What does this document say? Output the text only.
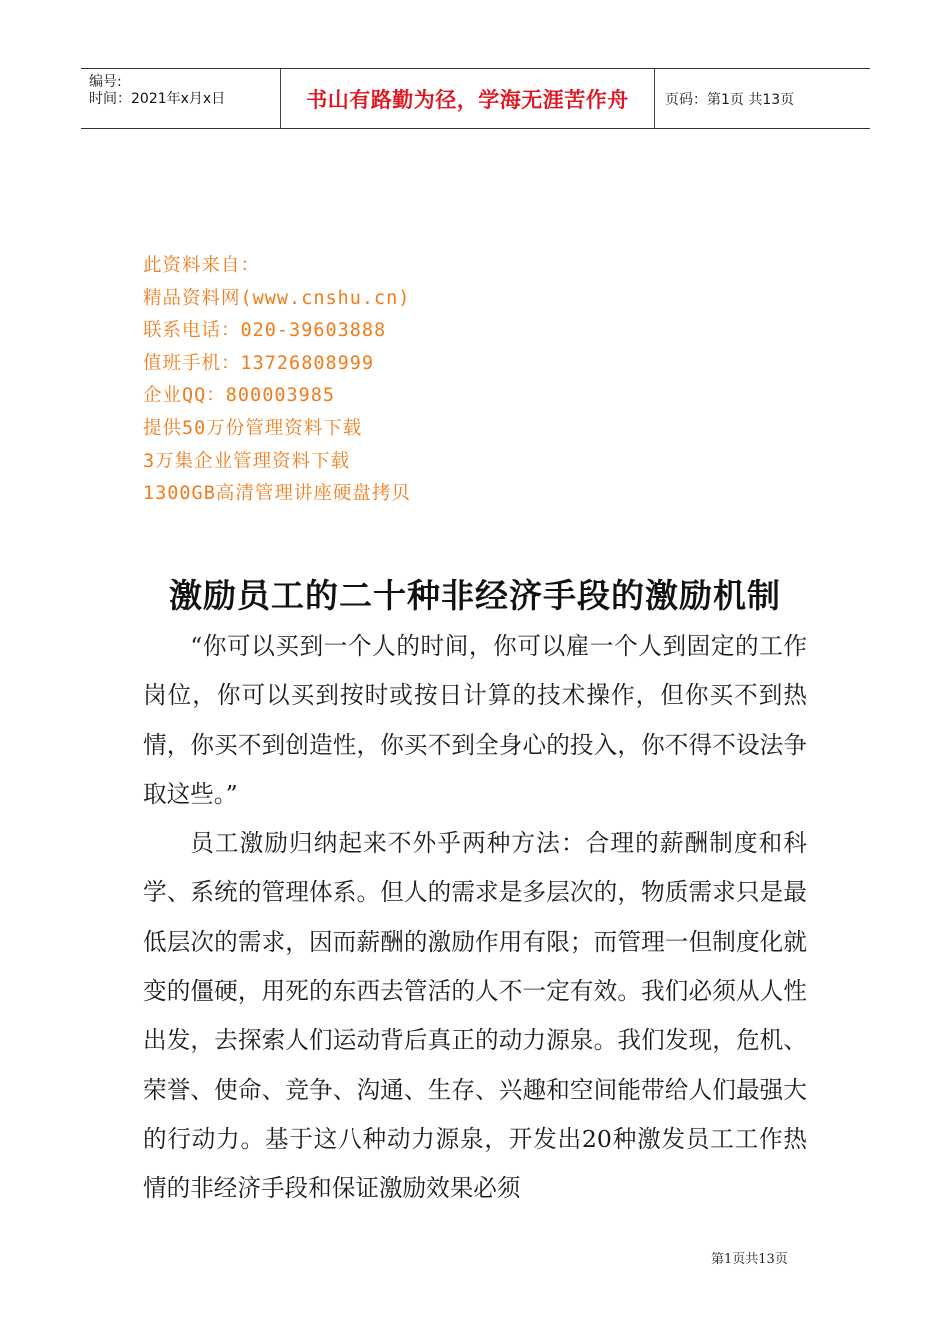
编号:
时间：2021年x月x日	书山有路勤为径，学海无涯苦作舟	页码：第1页 共13页
此资料来自：
精品资料网(www.cnshu.cn)
联系电话：020-39603888
值班手机：13726808999
企业QQ：800003985
提供50万份管理资料下载
3万集企业管理资料下载
1300GB高清管理讲座硬盘拷贝
激励员工的二十种非经济手段的激励机制

“你可以买到一个人的时间，你可以雇一个人到固定的工作岗位，你可以买到按时或按日计算的技术操作，但你买不到热情，你买不到创造性，你买不到全身心的投入，你不得不设法争取这些。”

员工激励归纳起来不外乎两种方法：合理的薪酬制度和科学、系统的管理体系。但人的需求是多层次的，物质需求只是最低层次的需求，因而薪酬的激励作用有限；而管理一但制度化就变的僵硬，用死的东西去管活的人不一定有效。我们必须从人性出发，去探索人们运动背后真正的动力源泉。我们发现，危机、荣誉、使命、竞争、沟通、生存、兴趣和空间能带给人们最强大的行动力。基于这八种动力源泉，开发出20种激发员工工作热情的非经济手段和保证激励效果必须

第1页共13页
